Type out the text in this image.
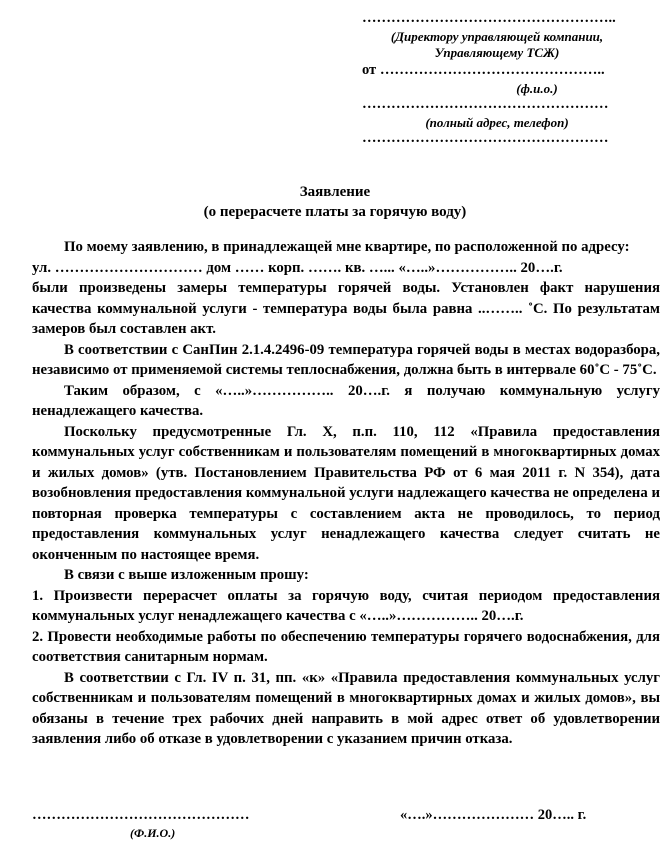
……………………………………………..
(Директору управляющей компании,
Управляющему ТСЖ)
от ………………………………………..
(ф.и.о.)
……………………………………………
(полный адрес, телефоп)
……………………………………………
Заявление
(о перерасчете платы за горячую воду)

По моему заявлению, в принадлежащей мне квартире, по расположенной по адресу:

ул. ………………………… дом …… корп. ……. кв. …... «…..»…………….. 20….г.

были произведены замеры температуры горячей воды. Установлен факт нарушения качества коммунальной услуги - температура воды была равна ..…….. ˚С. По результатам замеров был составлен акт.

В соответствии с СанПин 2.1.4.2496-09 температура горячей воды в местах водоразбора, независимо от применяемой системы теплоснабжения, должна быть в интервале 60˚С - 75˚С.

Таким образом, с «…..»…………….. 20….г. я получаю коммунальную услугу ненадлежащего качества.

Поскольку предусмотренные Гл. X, п.п. 110, 112 «Правила предоставления коммунальных услуг собственникам и пользователям помещений в многоквартирных домах и жилых домов» (утв. Постановлением Правительства РФ от 6 мая 2011 г. N 354), дата возобновления предоставления коммунальной услуги надлежащего качества не определена и повторная проверка температуры с составлением акта не проводилось, то период предоставления коммунальных услуг ненадлежащего качества следует считать не оконченным по настоящее время.

В связи с выше изложенным прошу:

1. Произвести перерасчет оплаты за горячую воду, считая периодом предоставления коммунальных услуг ненадлежащего качества с «…..»…………….. 20….г.

2. Провести необходимые работы по обеспечению температуры горячего водоснабжения, для соответствия санитарным нормам.

В соответствии с Гл. IV п. 31, пп. «к» «Правила предоставления коммунальных услуг собственникам и пользователям помещений в многоквартирных домах и жилых домов», вы обязаны в течение трех рабочих дней направить в мой адрес ответ об удовлетворении заявления либо об отказе в удовлетворении с указанием причин отказа.

………………………………………
(Ф.И.О.)
«….»………………… 20….. г.
